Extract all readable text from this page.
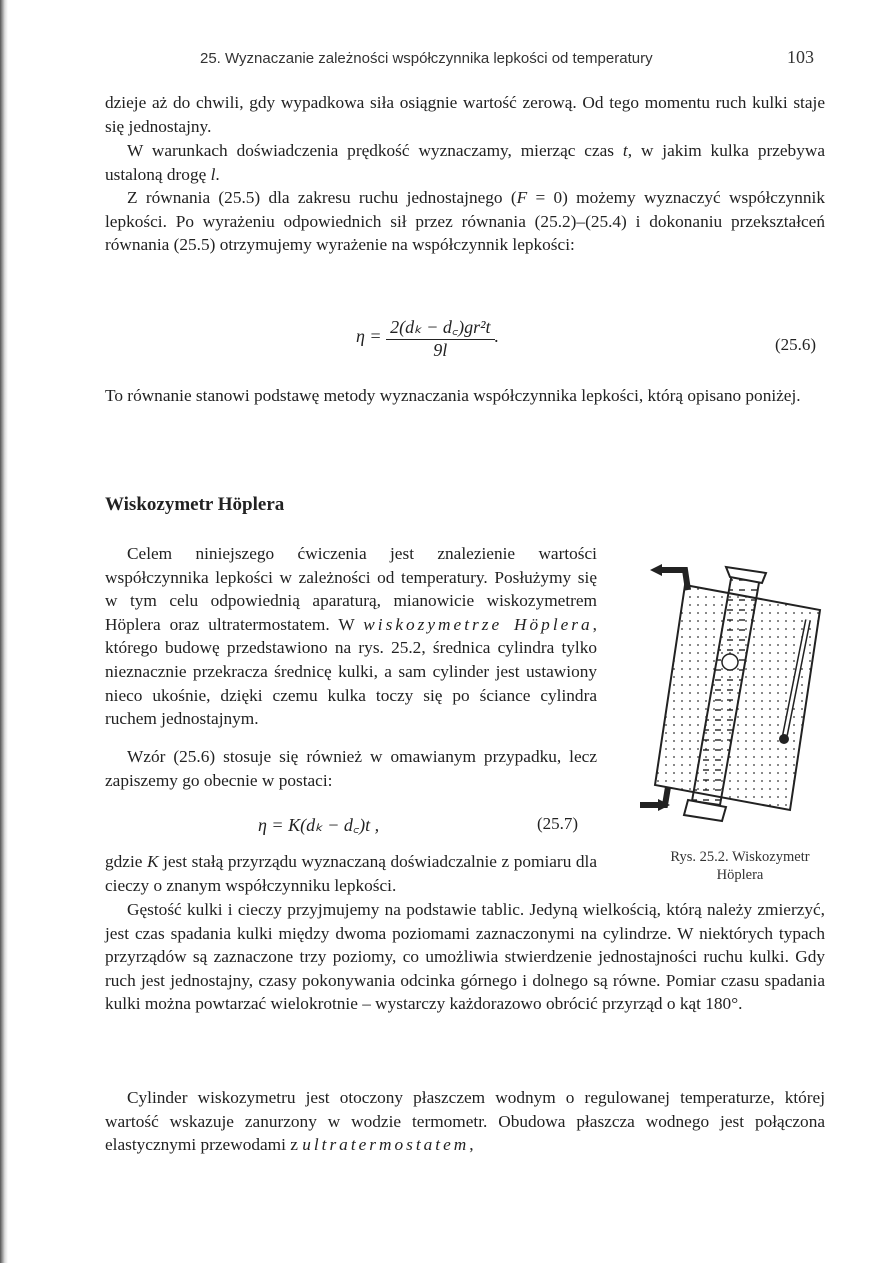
25. Wyznaczanie zależności współczynnika lepkości od temperatury	103
dzieje aż do chwili, gdy wypadkowa siła osiągnie wartość zerową. Od tego momentu ruch kulki staje się jednostajny.
W warunkach doświadczenia prędkość wyznaczamy, mierząc czas t, w jakim kulka przebywa ustaloną drogę l.
Z równania (25.5) dla zakresu ruchu jednostajnego (F = 0) możemy wyznaczyć współczynnik lepkości. Po wyrażeniu odpowiednich sił przez równania (25.2)–(25.4) i dokonaniu przekształceń równania (25.5) otrzymujemy wyrażenie na współczynnik lepkości:
$\eta = \frac{\text{2(dₖ − d꜀)gr²t}}{9l}$ .	(25.6)
To równanie stanowi podstawę metody wyznaczania współczynnika lepkości, którą opisano poniżej.
Wiskozymetr Höplera
Celem niniejszego ćwiczenia jest znalezienie wartości współczynnika lepkości w zależności od temperatury. Posłużymy się w tym celu odpowiednią aparaturą, mianowicie wiskozymetrem Höplera oraz ultratermostatem. W wiskozymetrze Höplera, którego budowę przedstawiono na rys. 25.2, średnica cylindra tylko nieznacznie przekracza średnicę kulki, a sam cylinder jest ustawiony nieco ukośnie, dzięki czemu kulka toczy się po ściance cylindra ruchem jednostajnym.
Wzór (25.6) stosuje się również w omawianym przypadku, lecz zapiszemy go obecnie w postaci:
η = K(dₖ − d꜀)t ,	(25.7)
gdzie K jest stałą przyrządu wyznaczaną doświadczalnie z pomiaru dla cieczy o znanym współczynniku lepkości.
Gęstość kulki i cieczy przyjmujemy na podstawie tablic. Jedyną wielkością, którą należy zmierzyć, jest czas spadania kulki między dwoma poziomami zaznaczonymi na cylindrze. W niektórych typach przyrządów są zaznaczone trzy poziomy, co umożliwia stwierdzenie jednostajności ruchu kulki. Gdy ruch jest jednostajny, czasy pokonywania odcinka górnego i dolnego są równe. Pomiar czasu spadania kulki można powtarzać wielokrotnie – wystarczy każdorazowo obrócić przyrząd o kąt 180°.
Cylinder wiskozymetru jest otoczony płaszczem wodnym o regulowanej temperaturze, której wartość wskazuje zanurzony w wodzie termometr. Obudowa płaszcza wodnego jest połączona elastycznymi przewodami z ultratermostatem,
Rys. 25.2. Wiskozymetr Höplera
